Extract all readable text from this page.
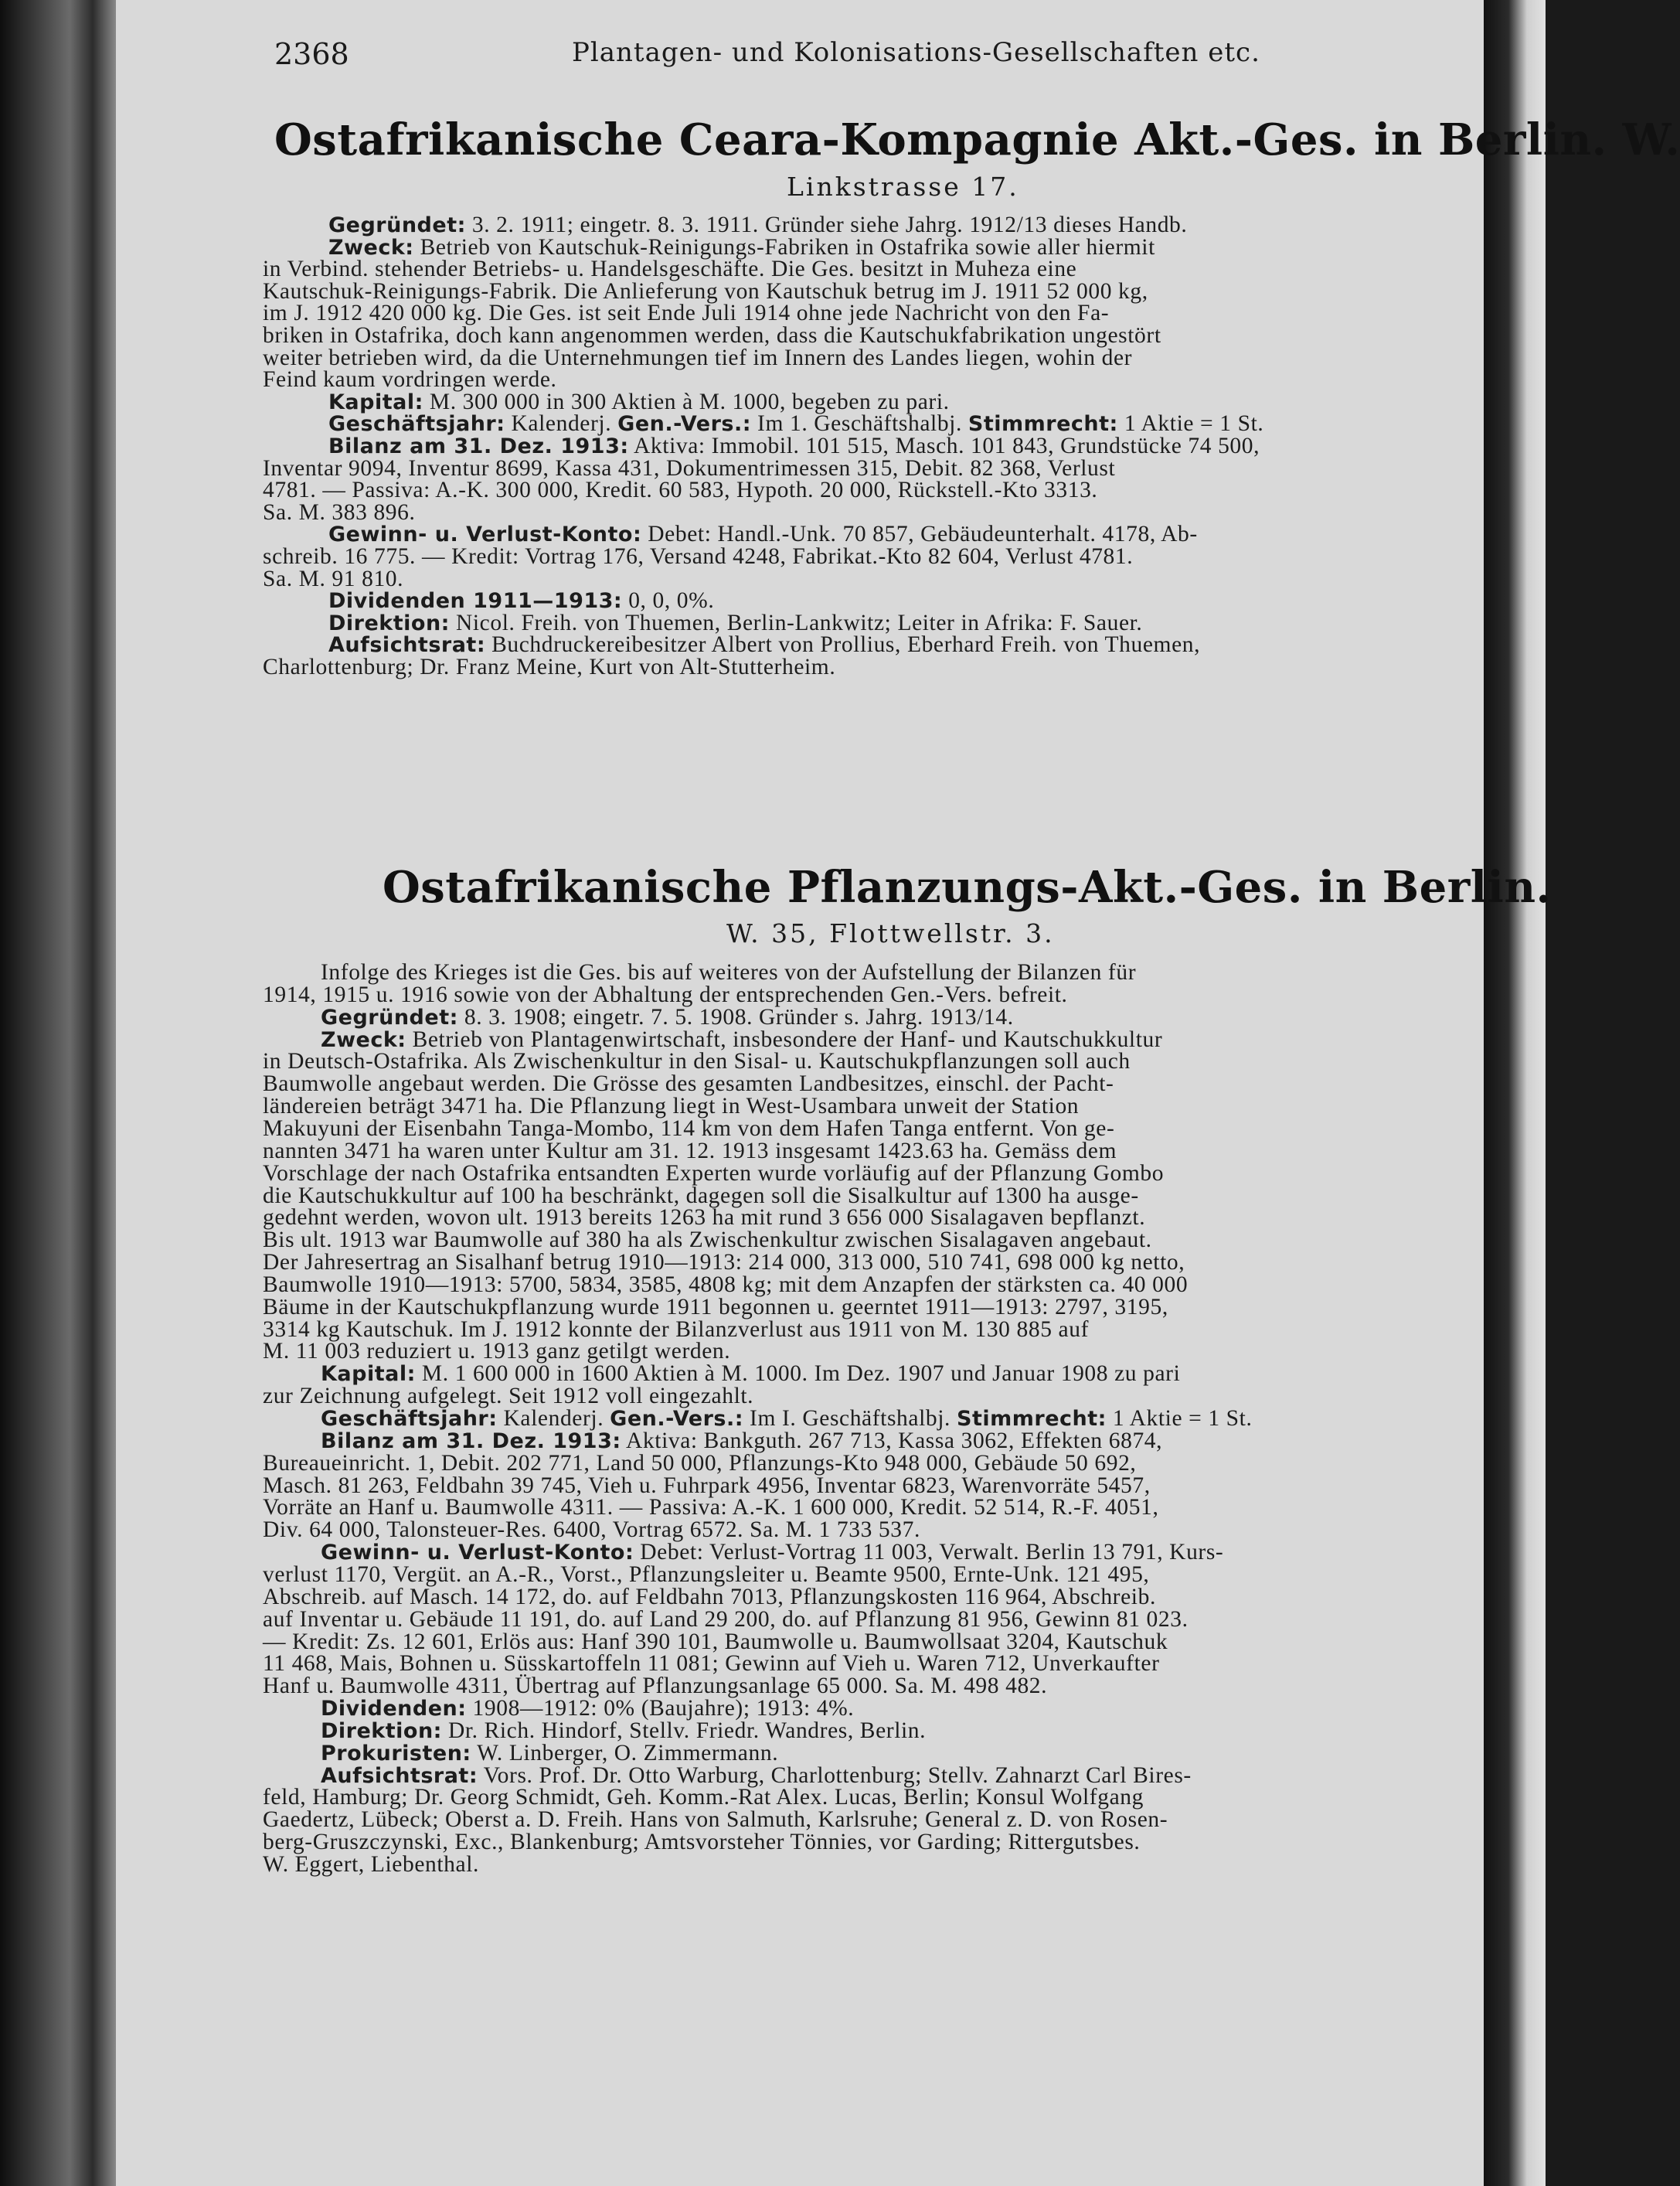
2368	Plantagen- und Kolonisations-Gesellschaften etc.
Ostafrikanische Ceara-Kompagnie Akt.-Ges. in Berlin. W.
Linkstrasse 17.
Gegründet: 3. 2. 1911; eingetr. 8. 3. 1911. Gründer siehe Jahrg. 1912/13 dieses Handb.
Zweck: Betrieb von Kautschuk-Reinigungs-Fabriken in Ostafrika sowie aller hiermit
in Verbind. stehender Betriebs- u. Handelsgeschäfte. Die Ges. besitzt in Muheza eine
Kautschuk-Reinigungs-Fabrik. Die Anlieferung von Kautschuk betrug im J. 1911 52 000 kg,
im J. 1912 420 000 kg. Die Ges. ist seit Ende Juli 1914 ohne jede Nachricht von den Fa-
briken in Ostafrika, doch kann angenommen werden, dass die Kautschukfabrikation ungestört
weiter betrieben wird, da die Unternehmungen tief im Innern des Landes liegen, wohin der
Feind kaum vordringen werde.
Kapital: M. 300 000 in 300 Aktien à M. 1000, begeben zu pari.
Geschäftsjahr: Kalenderj. Gen.-Vers.: Im 1. Geschäftshalbj. Stimmrecht: 1 Aktie = 1 St.
Bilanz am 31. Dez. 1913: Aktiva: Immobil. 101 515, Masch. 101 843, Grundstücke 74 500,
Inventar 9094, Inventur 8699, Kassa 431, Dokumentrimessen 315, Debit. 82 368, Verlust
4781. — Passiva: A.-K. 300 000, Kredit. 60 583, Hypoth. 20 000, Rückstell.-Kto 3313.
Sa. M. 383 896.
Gewinn- u. Verlust-Konto: Debet: Handl.-Unk. 70 857, Gebäudeunterhalt. 4178, Ab-
schreib. 16 775. — Kredit: Vortrag 176, Versand 4248, Fabrikat.-Kto 82 604, Verlust 4781.
Sa. M. 91 810.
Dividenden 1911—1913: 0, 0, 0%.
Direktion: Nicol. Freih. von Thuemen, Berlin-Lankwitz; Leiter in Afrika: F. Sauer.
Aufsichtsrat: Buchdruckereibesitzer Albert von Prollius, Eberhard Freih. von Thuemen,
Charlottenburg; Dr. Franz Meine, Kurt von Alt-Stutterheim.
Ostafrikanische Pflanzungs-Akt.-Ges. in Berlin.
W. 35, Flottwellstr. 3.
Infolge des Krieges ist die Ges. bis auf weiteres von der Aufstellung der Bilanzen für
1914, 1915 u. 1916 sowie von der Abhaltung der entsprechenden Gen.-Vers. befreit.
Gegründet: 8. 3. 1908; eingetr. 7. 5. 1908. Gründer s. Jahrg. 1913/14.
Zweck: Betrieb von Plantagenwirtschaft, insbesondere der Hanf- und Kautschukkultur
in Deutsch-Ostafrika. Als Zwischenkultur in den Sisal- u. Kautschukpflanzungen soll auch
Baumwolle angebaut werden. Die Grösse des gesamten Landbesitzes, einschl. der Pacht-
ländereien beträgt 3471 ha. Die Pflanzung liegt in West-Usambara unweit der Station
Makuyuni der Eisenbahn Tanga-Mombo, 114 km von dem Hafen Tanga entfernt. Von ge-
nannten 3471 ha waren unter Kultur am 31. 12. 1913 insgesamt 1423.63 ha. Gemäss dem
Vorschlage der nach Ostafrika entsandten Experten wurde vorläufig auf der Pflanzung Gombo
die Kautschukkultur auf 100 ha beschränkt, dagegen soll die Sisalkultur auf 1300 ha ausge-
gedehnt werden, wovon ult. 1913 bereits 1263 ha mit rund 3 656 000 Sisalagaven bepflanzt.
Bis ult. 1913 war Baumwolle auf 380 ha als Zwischenkultur zwischen Sisalagaven angebaut.
Der Jahresertrag an Sisalhanf betrug 1910—1913: 214 000, 313 000, 510 741, 698 000 kg netto,
Baumwolle 1910—1913: 5700, 5834, 3585, 4808 kg; mit dem Anzapfen der stärksten ca. 40 000
Bäume in der Kautschukpflanzung wurde 1911 begonnen u. geerntet 1911—1913: 2797, 3195,
3314 kg Kautschuk. Im J. 1912 konnte der Bilanzverlust aus 1911 von M. 130 885 auf
M. 11 003 reduziert u. 1913 ganz getilgt werden.
Kapital: M. 1 600 000 in 1600 Aktien à M. 1000. Im Dez. 1907 und Januar 1908 zu pari
zur Zeichnung aufgelegt. Seit 1912 voll eingezahlt.
Geschäftsjahr: Kalenderj. Gen.-Vers.: Im I. Geschäftshalbj. Stimmrecht: 1 Aktie = 1 St.
Bilanz am 31. Dez. 1913: Aktiva: Bankguth. 267 713, Kassa 3062, Effekten 6874,
Bureaueinricht. 1, Debit. 202 771, Land 50 000, Pflanzungs-Kto 948 000, Gebäude 50 692,
Masch. 81 263, Feldbahn 39 745, Vieh u. Fuhrpark 4956, Inventar 6823, Warenvorräte 5457,
Vorräte an Hanf u. Baumwolle 4311. — Passiva: A.-K. 1 600 000, Kredit. 52 514, R.-F. 4051,
Div. 64 000, Talonsteuer-Res. 6400, Vortrag 6572. Sa. M. 1 733 537.
Gewinn- u. Verlust-Konto: Debet: Verlust-Vortrag 11 003, Verwalt. Berlin 13 791, Kurs-
verlust 1170, Vergüt. an A.-R., Vorst., Pflanzungsleiter u. Beamte 9500, Ernte-Unk. 121 495,
Abschreib. auf Masch. 14 172, do. auf Feldbahn 7013, Pflanzungskosten 116 964, Abschreib.
auf Inventar u. Gebäude 11 191, do. auf Land 29 200, do. auf Pflanzung 81 956, Gewinn 81 023.
— Kredit: Zs. 12 601, Erlös aus: Hanf 390 101, Baumwolle u. Baumwollsaat 3204, Kautschuk
11 468, Mais, Bohnen u. Süsskartoffeln 11 081; Gewinn auf Vieh u. Waren 712, Unverkaufter
Hanf u. Baumwolle 4311, Übertrag auf Pflanzungsanlage 65 000. Sa. M. 498 482.
Dividenden: 1908—1912: 0% (Baujahre); 1913: 4%.
Direktion: Dr. Rich. Hindorf, Stellv. Friedr. Wandres, Berlin.
Prokuristen: W. Linberger, O. Zimmermann.
Aufsichtsrat: Vors. Prof. Dr. Otto Warburg, Charlottenburg; Stellv. Zahnarzt Carl Bires-
feld, Hamburg; Dr. Georg Schmidt, Geh. Komm.-Rat Alex. Lucas, Berlin; Konsul Wolfgang
Gaedertz, Lübeck; Oberst a. D. Freih. Hans von Salmuth, Karlsruhe; General z. D. von Rosen-
berg-Gruszczynski, Exc., Blankenburg; Amtsvorsteher Tönnies, vor Garding; Rittergutsbes.
W. Eggert, Liebenthal.
